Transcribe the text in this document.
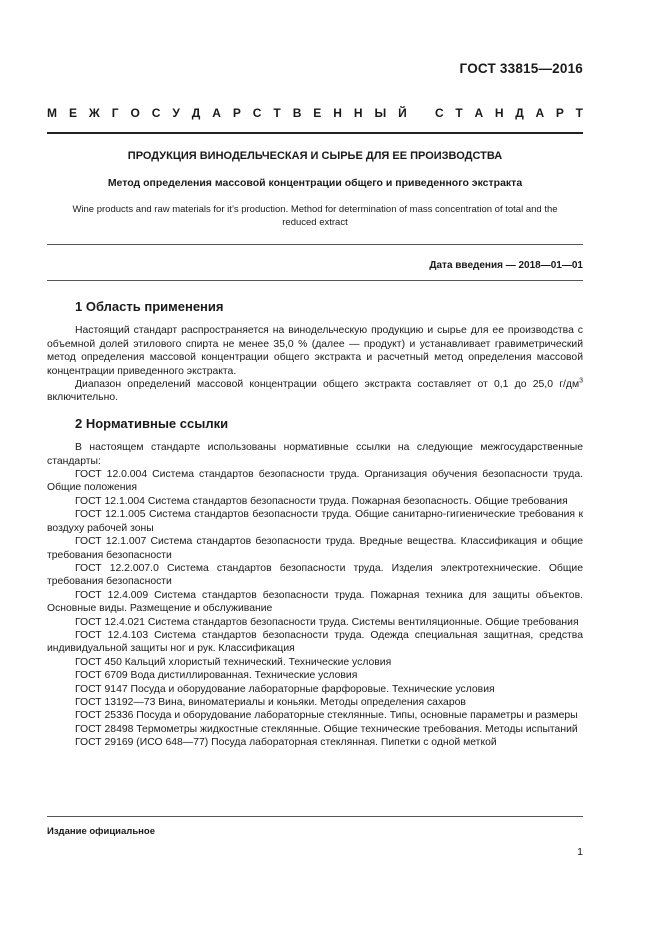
ГОСТ 33815—2016
М Е Ж Г О С У Д А Р С Т В Е Н Н Ы Й С Т А Н Д А Р Т
ПРОДУКЦИЯ ВИНОДЕЛЬЧЕСКАЯ И СЫРЬЕ ДЛЯ ЕЕ ПРОИЗВОДСТВА
Метод определения массовой концентрации общего и приведенного экстракта
Wine products and raw materials for it’s production. Method for determination of mass concentration of total and the
reduced extract
Дата введения — 2018—01—01
1 Область применения

Настоящий стандарт распространяется на винодельческую продукцию и сырье для ее производства с объемной долей этилового спирта не менее 35,0 % (далее — продукт) и устанавливает гравиметрический метод определения массовой концентрации общего экстракта и расчетный метод определения массовой концентрации приведенного экстракта.

Диапазон определений массовой концентрации общего экстракта составляет от 0,1 до 25,0 $г/дм^3$ включительно.

2 Нормативные ссылки

В настоящем стандарте использованы нормативные ссылки на следующие межгосударственные стандарты:

ГОСТ 12.0.004 Система стандартов безопасности труда. Организация обучения безопасности труда. Общие положения

ГОСТ 12.1.004 Система стандартов безопасности труда. Пожарная безопасность. Общие требования

ГОСТ 12.1.005 Система стандартов безопасности труда. Общие санитарно-гигиенические требования к воздуху рабочей зоны

ГОСТ 12.1.007 Система стандартов безопасности труда. Вредные вещества. Классификация и общие требования безопасности

ГОСТ 12.2.007.0 Система стандартов безопасности труда. Изделия электротехнические. Общие требования безопасности

ГОСТ 12.4.009 Система стандартов безопасности труда. Пожарная техника для защиты объектов. Основные виды. Размещение и обслуживание

ГОСТ 12.4.021 Система стандартов безопасности труда. Системы вентиляционные. Общие требования

ГОСТ 12.4.103 Система стандартов безопасности труда. Одежда специальная защитная, средства индивидуальной защиты ног и рук. Классификация

ГОСТ 450 Кальций хлористый технический. Технические условия

ГОСТ 6709 Вода дистиллированная. Технические условия

ГОСТ 9147 Посуда и оборудование лабораторные фарфоровые. Технические условия

ГОСТ 13192—73 Вина, виноматериалы и коньяки. Методы определения сахаров

ГОСТ 25336 Посуда и оборудование лабораторные стеклянные. Типы, основные параметры и размеры

ГОСТ 28498 Термометры жидкостные стеклянные. Общие технические требования. Методы испытаний

ГОСТ 29169 (ИСО 648—77) Посуда лабораторная стеклянная. Пипетки с одной меткой

Издание официальное
1
